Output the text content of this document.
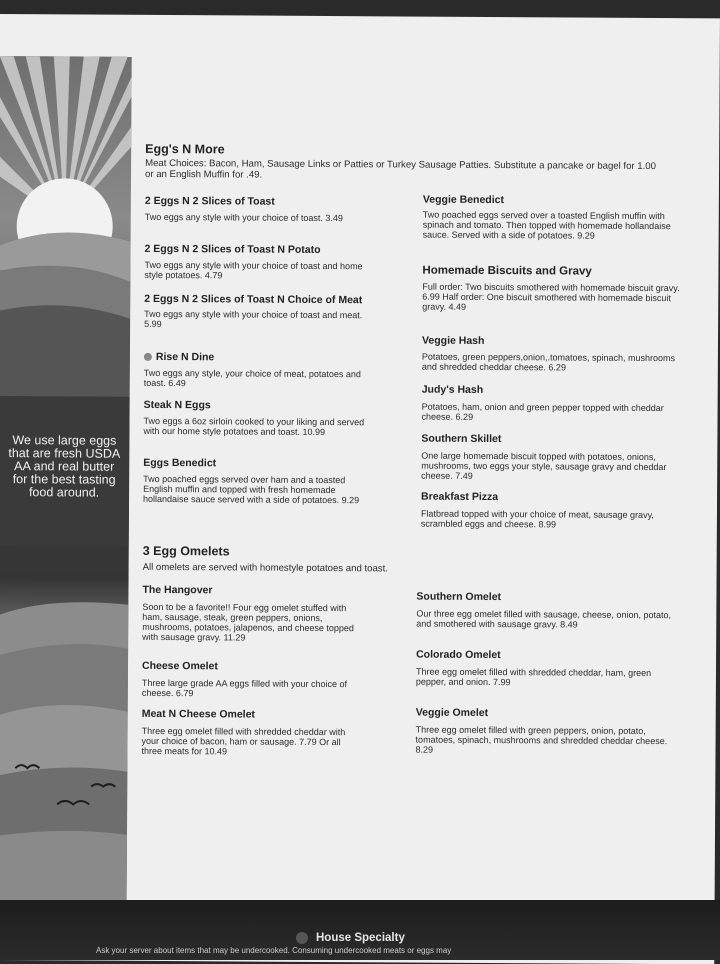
We use large eggs that are fresh USDA AA and real butter for the best tasting food around.
Egg's N More
Meat Choices: Bacon, Ham, Sausage Links or Patties or Turkey Sausage Patties. Substitute a pancake or bagel for 1.00 or an English Muffin for .49.
2 Eggs N 2 Slices of Toast
Two eggs any style with your choice of toast. 3.49
2 Eggs N 2 Slices of Toast N Potato
Two eggs any style with your choice of toast and home style potatoes. 4.79
2 Eggs N 2 Slices of Toast N Choice of Meat
Two eggs any style with your choice of toast and meat. 5.99
Rise N Dine
Two eggs any style, your choice of meat, potatoes and toast. 6.49
Steak N Eggs
Two eggs a 6oz sirloin cooked to your liking and served with our home style potatoes and toast. 10.99
Eggs Benedict
Two poached eggs served over ham and a toasted English muffin and topped with fresh homemade hollandaise sauce served with a side of potatoes. 9.29
Veggie Benedict
Two poached eggs served over a toasted English muffin with spinach and tomato. Then topped with homemade hollandaise sauce. Served with a side of potatoes. 9.29
Homemade Biscuits and Gravy
Full order: Two biscuits smothered with homemade biscuit gravy. 6.99 Half order: One biscuit smothered with homemade biscuit gravy. 4.49
Veggie Hash
Potatoes, green peppers,onion,.tomatoes, spinach, mushrooms and shredded cheddar cheese. 6.29
Judy's Hash
Potatoes, ham, onion and green pepper topped with cheddar cheese. 6.29
Southern Skillet
One large homemade biscuit topped with potatoes, onions, mushrooms, two eggs your style, sausage gravy and cheddar cheese. 7.49
Breakfast Pizza
Flatbread topped with your choice of meat, sausage gravy, scrambled eggs and cheese. 8.99
3 Egg Omelets
All omelets are served with homestyle potatoes and toast.
The Hangover
Soon to be a favorite!! Four egg omelet stuffed with ham, sausage, steak, green peppers, onions, mushrooms, potatoes, jalapenos, and cheese topped with sausage gravy. 11.29
Cheese Omelet
Three large grade AA eggs filled with your choice of cheese. 6.79
Meat N Cheese Omelet
Three egg omelet filled with shredded cheddar with your choice of bacon, ham or sausage. 7.79 Or all three meats for 10.49
Southern Omelet
Our three egg omelet filled with sausage, cheese, onion, potato, and smothered with sausage gravy. 8.49
Colorado Omelet
Three egg omelet filled with shredded cheddar, ham, green pepper, and onion. 7.99
Veggie Omelet
Three egg omelet filled with green peppers, onion, potato, tomatoes, spinach, mushrooms and shredded cheddar cheese. 8.29
House Specialty
Ask your server about items that may be undercooked. Consuming undercooked meats or eggs may
